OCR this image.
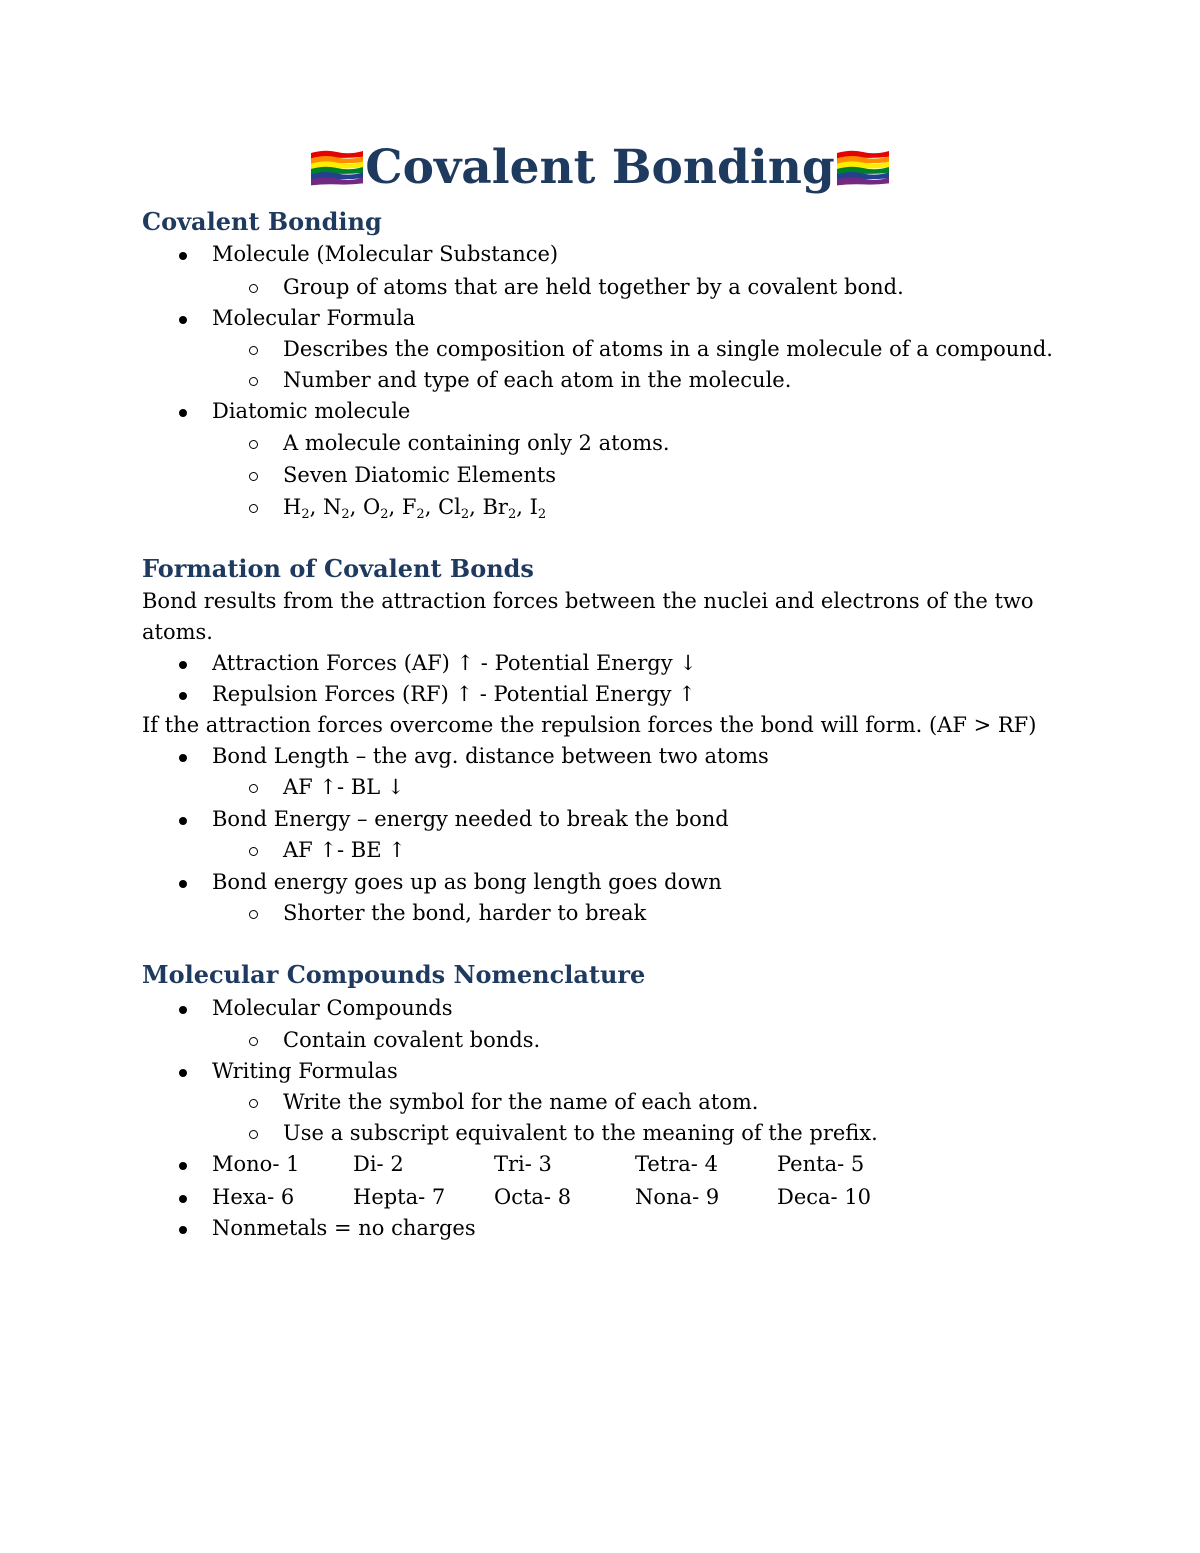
Covalent Bonding
Covalent Bonding
Molecule (Molecular Substance)
Group of atoms that are held together by a covalent bond.
Molecular Formula
Describes the composition of atoms in a single molecule of a compound.
Number and type of each atom in the molecule.
Diatomic molecule
A molecule containing only 2 atoms.
Seven Diatomic Elements
$H_2$, $N_2$, $O_2$, $F_2$, $Cl_2$, $Br_2$, $I_2$
Formation of Covalent Bonds
Bond results from the attraction forces between the nuclei and electrons of the two
atoms.
Attraction Forces (AF) ↑ - Potential Energy ↓
Repulsion Forces (RF) ↑ - Potential Energy ↑
If the attraction forces overcome the repulsion forces the bond will form. (AF > RF)
Bond Length – the avg. distance between two atoms
AF ↑- BL ↓
Bond Energy – energy needed to break the bond
AF ↑- BE ↑
Bond energy goes up as bong length goes down
Shorter the bond, harder to break
Molecular Compounds Nomenclature
Molecular Compounds
Contain covalent bonds.
Writing Formulas
Write the symbol for the name of each atom.
Use a subscript equivalent to the meaning of the prefix.
Mono- 1	Di- 2	Tri- 3	Tetra- 4	Penta- 5
Hexa- 6	Hepta- 7 Octa- 8	Nona- 9	Deca- 10
Nonmetals = no charges
